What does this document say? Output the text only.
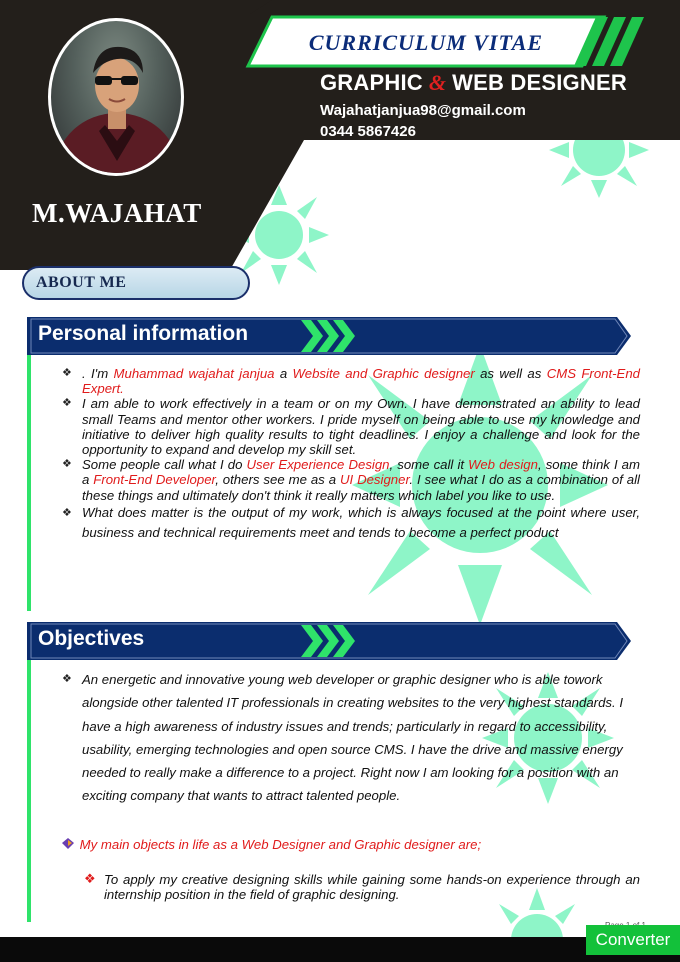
CURRICULUM VITAE
GRAPHIC & WEB DESIGNER
Wajahatjanjua98@gmail.com
0344 5867426
M.WAJAHAT
ABOUT ME
Personal information
❖ . I'm Muhammad wajahat janjua a Website and Graphic designer as well as CMS Front-End Expert.
❖ I am able to work effectively in a team or on my Own. I have demonstrated an ability to lead small Teams and mentor other workers. I pride myself on being able to use my knowledge and initiative to deliver high quality results to tight deadlines. I enjoy a challenge and look for the opportunity to expand and develop my skill set.
❖ Some people call what I do User Experience Design, some call it Web design, some think I am a Front-End Developer, others see me as a UI Designer. I see what I do as a combination of all these things and ultimately don't think it really matters which label you like to use.
❖ What does matter is the output of my work, which is always focused at the point where user, business and technical requirements meet and tends to become a perfect product
Objectives
❖ An energetic and innovative young web developer or graphic designer who is able towork alongside other talented IT professionals in creating websites to the very highest standards. I have a high awareness of industry issues and trends; particularly in regard to accessibility, usability, emerging technologies and open source CMS. I have the drive and massive energy needed to really make a difference to a project. Right now I am looking for a position with an exciting company that wants to attract talented people.
My main objects in life as a Web Designer and Graphic designer are;
❖ To apply my creative designing skills while gaining some hands-on experience through an internship position in the field of graphic designing.
Converter
